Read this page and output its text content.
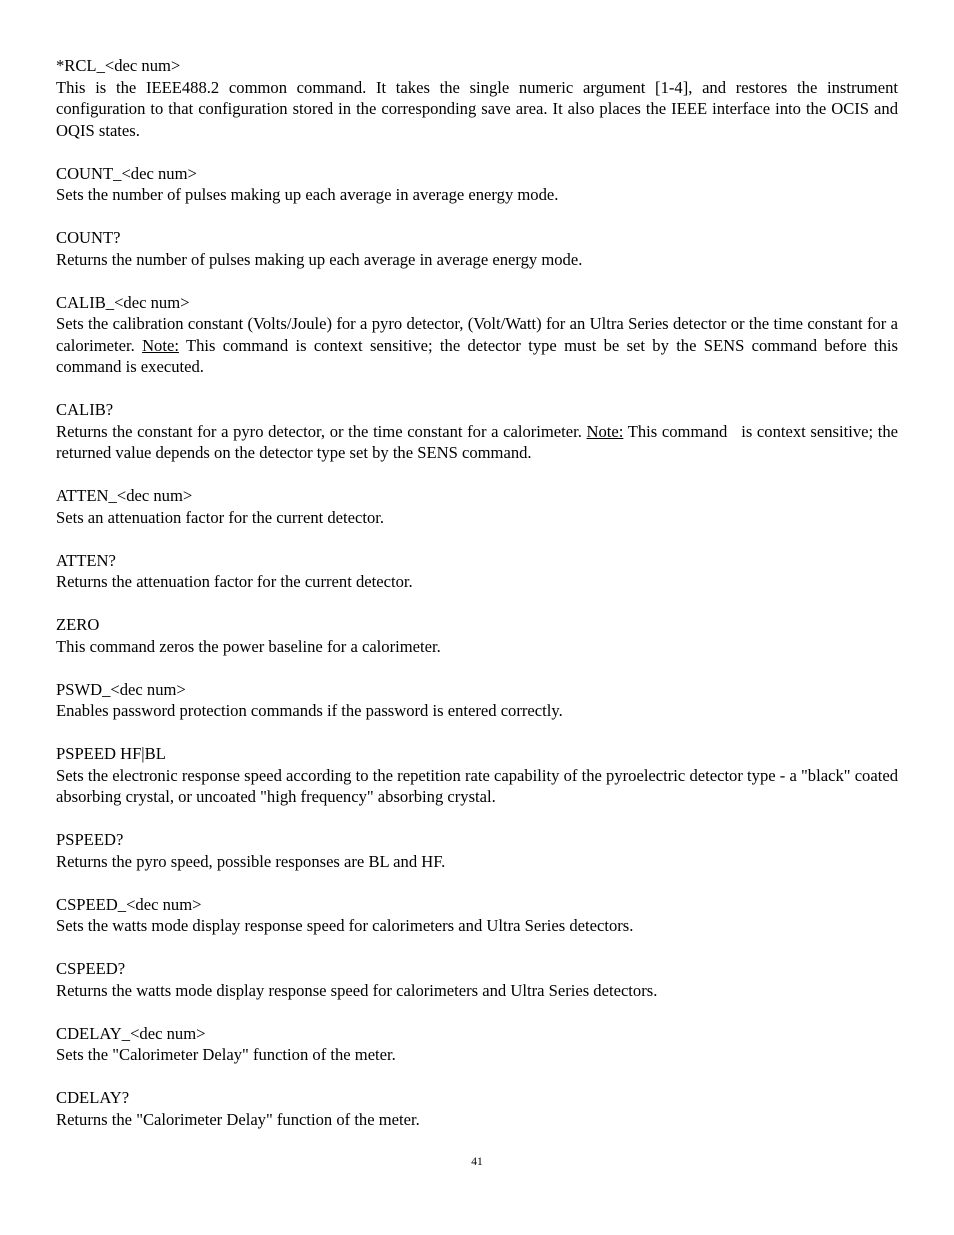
*RCL_<dec num>
This is the IEEE488.2 common command. It takes the single numeric argument [1-4], and restores the instrument configuration to that configuration stored in the corresponding save area. It also places the IEEE interface into the OCIS and OQIS states.
COUNT_<dec num>
Sets the number of pulses making up each average in average energy mode.
COUNT?
Returns the number of pulses making up each average in average energy mode.
CALIB_<dec num>
Sets the calibration constant (Volts/Joule) for a pyro detector, (Volt/Watt) for an Ultra Series detector or the time constant for a calorimeter. Note: This command is context sensitive; the detector type must be set by the SENS command before this command is executed.
CALIB?
Returns the constant for a pyro detector, or the time constant for a calorimeter. Note: This command   is context sensitive; the returned value depends on the detector type set by the SENS command.
ATTEN_<dec num>
Sets an attenuation factor for the current detector.
ATTEN?
Returns the attenuation factor for the current detector.
ZERO
This command zeros the power baseline for a calorimeter.
PSWD_<dec num>
Enables password protection commands if the password is entered correctly.
PSPEED HF|BL
Sets the electronic response speed according to the repetition rate capability of the pyroelectric detector type - a "black" coated absorbing crystal, or uncoated "high frequency" absorbing crystal.
PSPEED?
Returns the pyro speed, possible responses are BL and HF.
CSPEED_<dec num>
Sets the watts mode display response speed for calorimeters and Ultra Series detectors.
CSPEED?
Returns the watts mode display response speed for calorimeters and Ultra Series detectors.
CDELAY_<dec num>
Sets the "Calorimeter Delay" function of the meter.
CDELAY?
Returns the "Calorimeter Delay" function of the meter.
41
